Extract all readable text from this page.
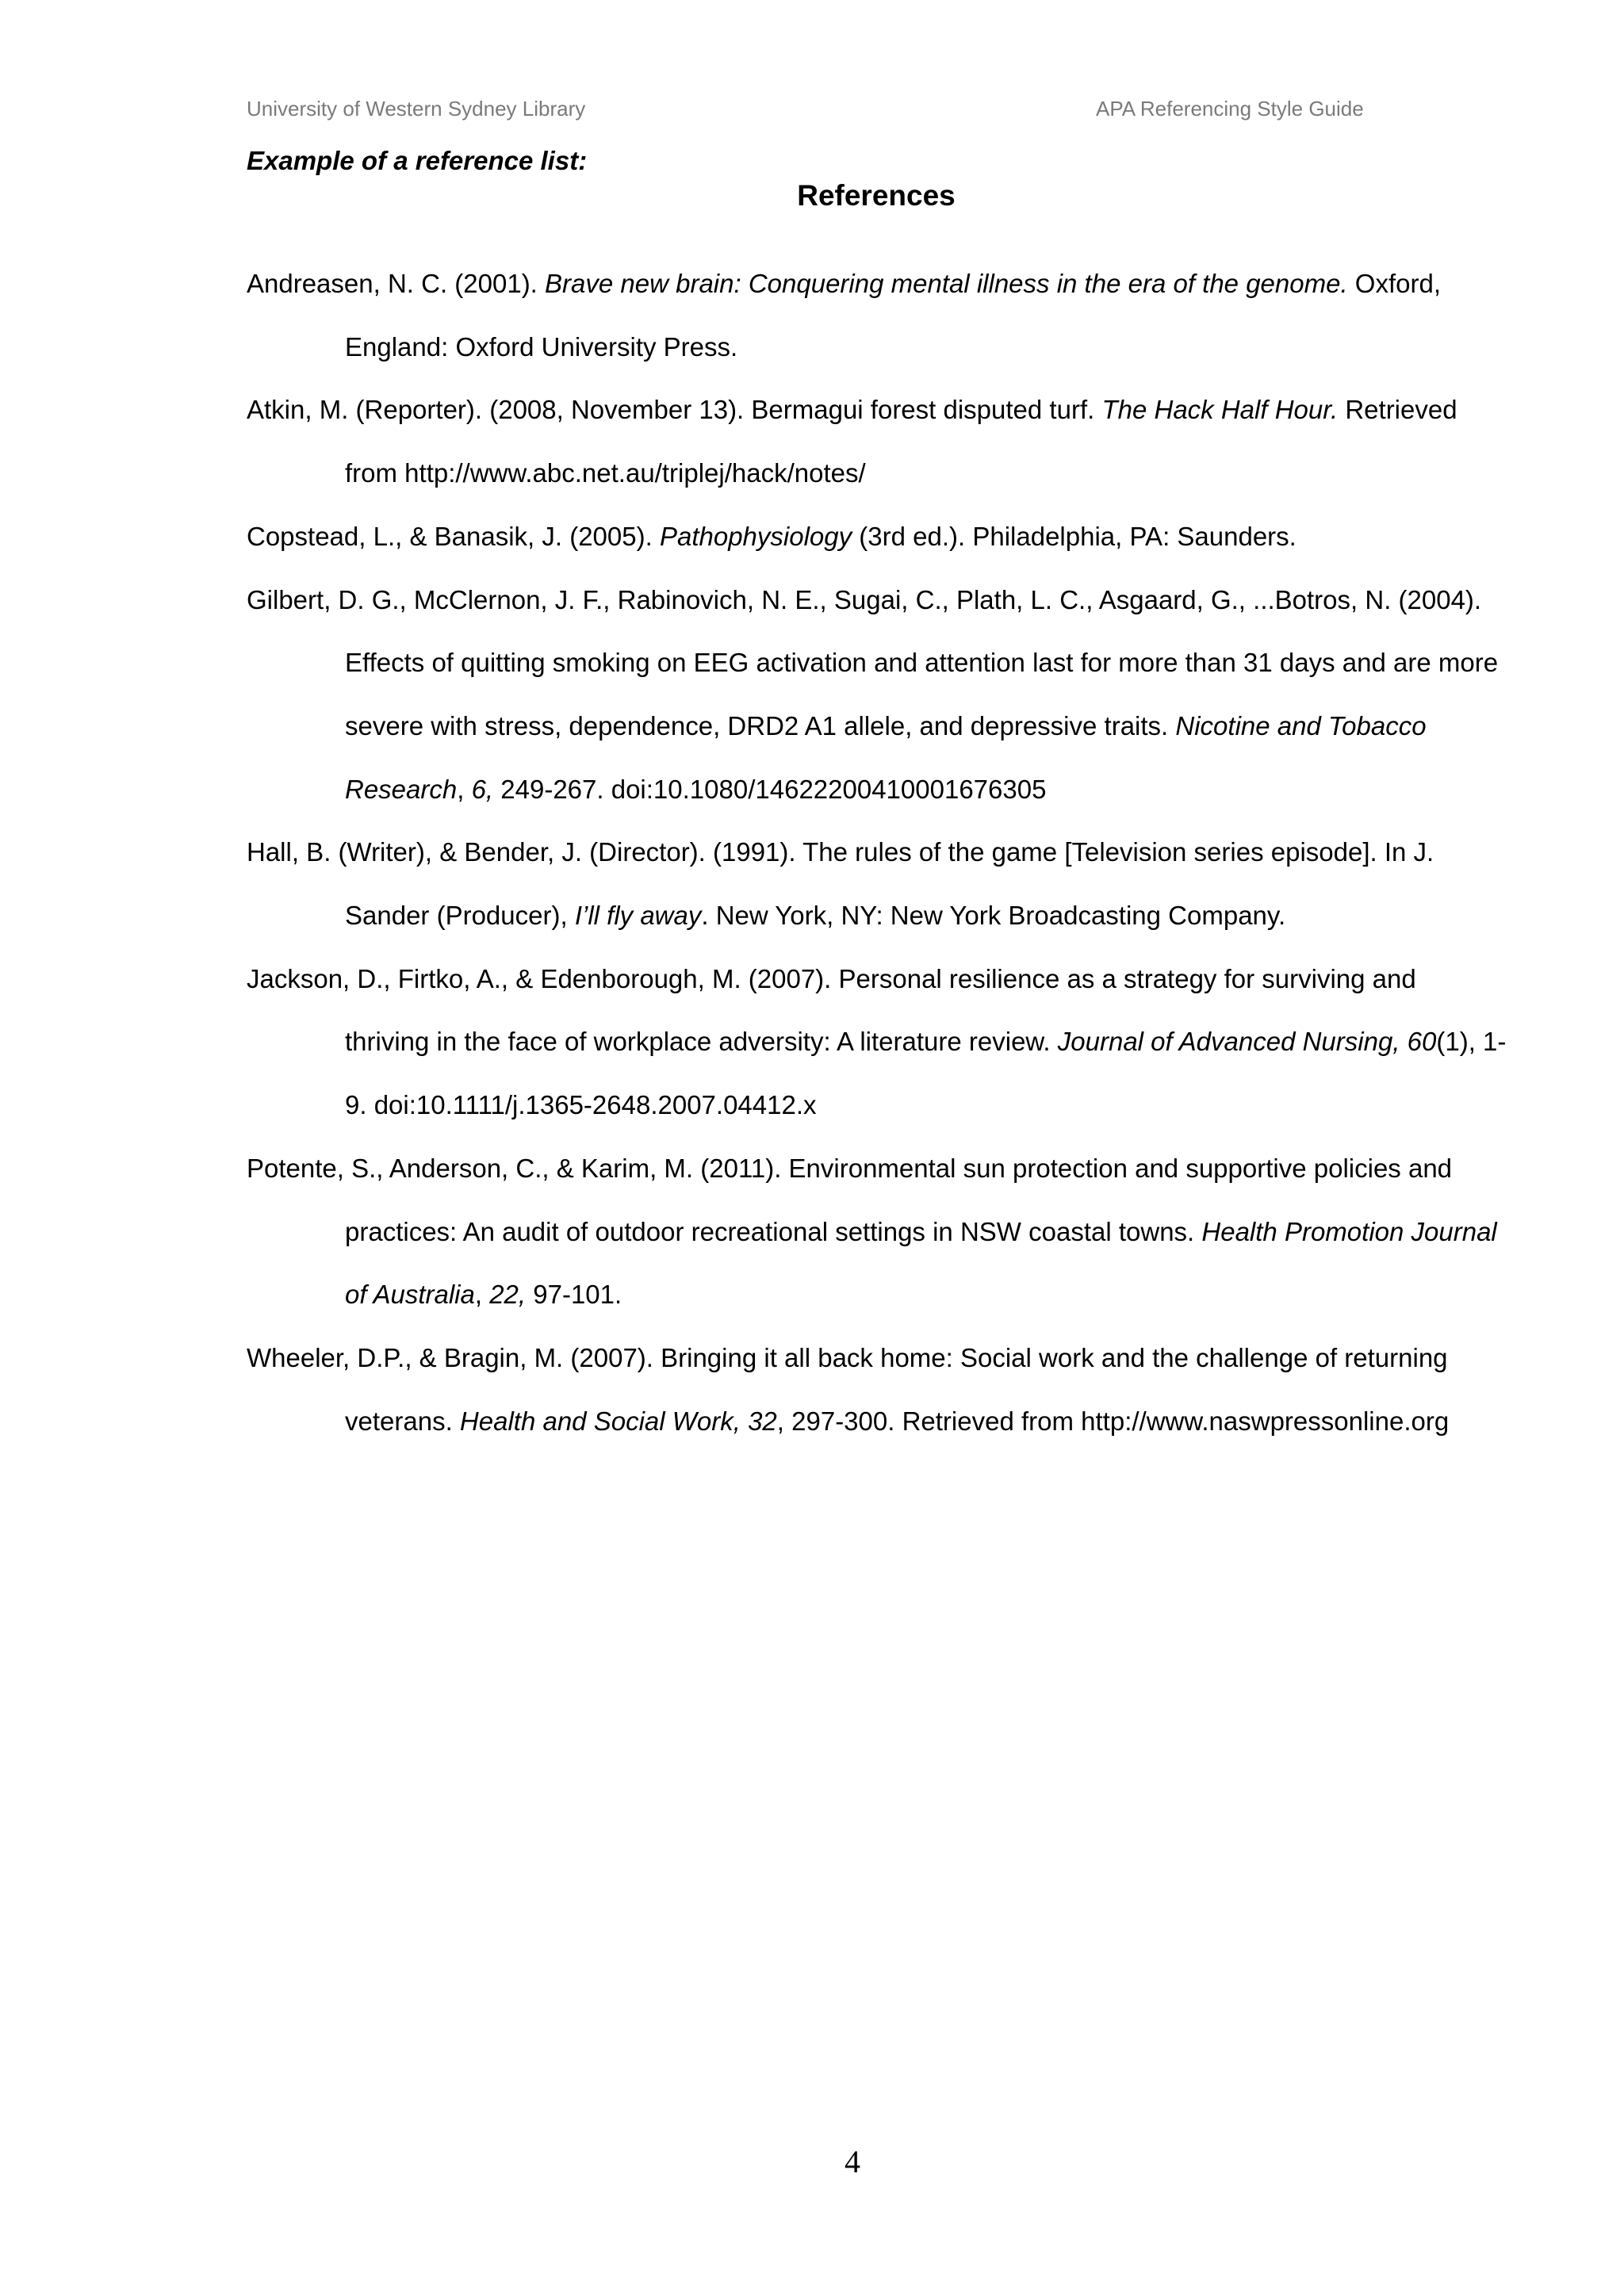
University of Western Sydney Library	APA Referencing Style Guide
Example of a reference list:
References
Andreasen, N. C. (2001). Brave new brain: Conquering mental illness in the era of the genome. Oxford, England: Oxford University Press.
Atkin, M. (Reporter). (2008, November 13). Bermagui forest disputed turf. The Hack Half Hour. Retrieved from http://www.abc.net.au/triplej/hack/notes/
Copstead, L., & Banasik, J. (2005). Pathophysiology (3rd ed.). Philadelphia, PA: Saunders.
Gilbert, D. G., McClernon, J. F., Rabinovich, N. E., Sugai, C., Plath, L. C., Asgaard, G., ...Botros, N. (2004). Effects of quitting smoking on EEG activation and attention last for more than 31 days and are more severe with stress, dependence, DRD2 A1 allele, and depressive traits. Nicotine and Tobacco Research, 6, 249-267. doi:10.1080/14622200410001676305
Hall, B. (Writer), & Bender, J. (Director). (1991). The rules of the game [Television series episode]. In J. Sander (Producer), I’ll fly away. New York, NY: New York Broadcasting Company.
Jackson, D., Firtko, A., & Edenborough, M. (2007). Personal resilience as a strategy for surviving and thriving in the face of workplace adversity: A literature review. Journal of Advanced Nursing, 60(1), 1-9. doi:10.1111/j.1365-2648.2007.04412.x
Potente, S., Anderson, C., & Karim, M. (2011). Environmental sun protection and supportive policies and practices: An audit of outdoor recreational settings in NSW coastal towns. Health Promotion Journal of Australia, 22, 97-101.
Wheeler, D.P., & Bragin, M. (2007). Bringing it all back home: Social work and the challenge of returning veterans. Health and Social Work, 32, 297-300. Retrieved from http://www.naswpressonline.org
4
